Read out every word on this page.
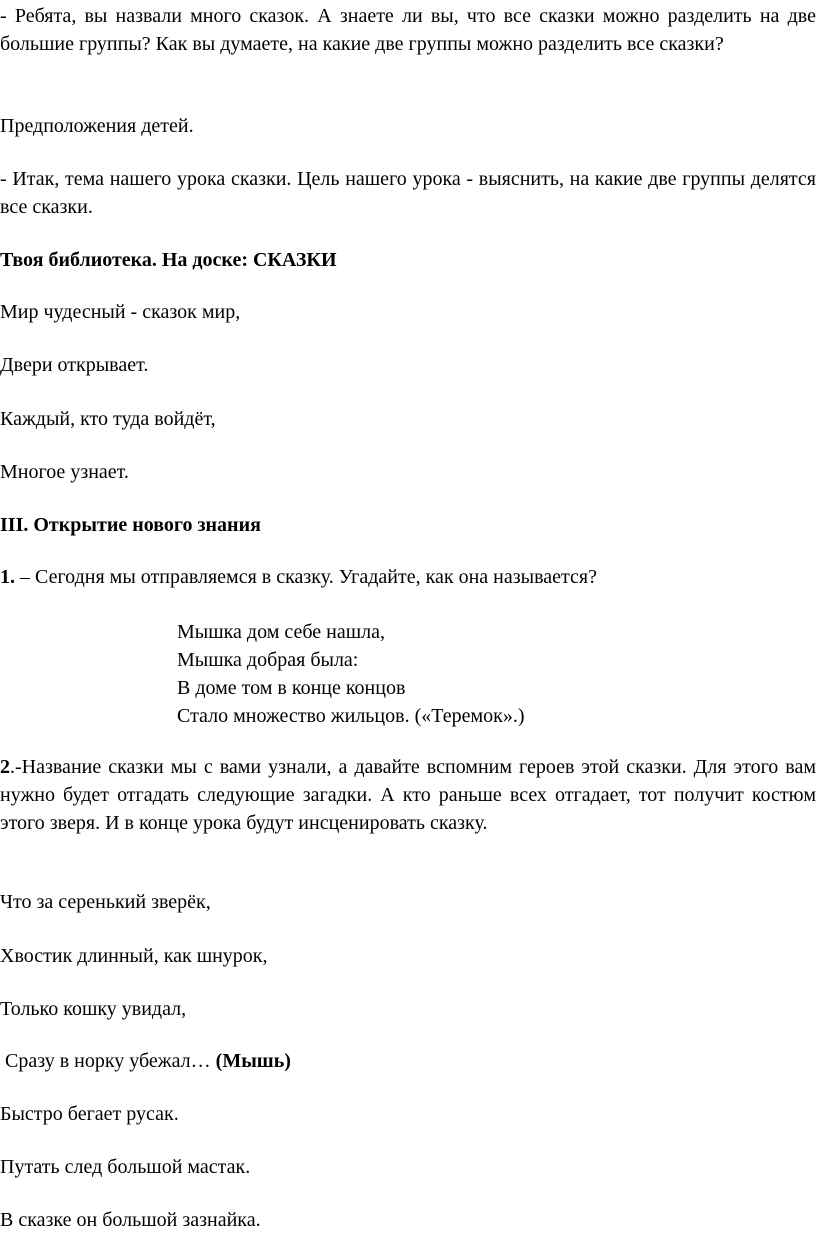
- Ребята, вы назвали много сказок. А знаете ли вы, что все сказки можно разделить на две большие группы? Как вы думаете, на какие две группы можно разделить все сказки?

Предположения детей.

- Итак, тема нашего урока сказки. Цель нашего урока - выяснить, на какие две группы делятся все сказки.

Твоя библиотека. На доске: СКАЗКИ

Мир чудесный - сказок мир,

Двери открывает.

Каждый, кто туда войдёт,

Многое узнает.

III. Открытие нового знания

1. – Сегодня мы отправляемся в сказку. Угадайте, как она называется?

Мышка дом себе нашла,
Мышка добрая была:
В доме том в конце концов
Стало множество жильцов. («Теремок».)

2.-Название сказки мы с вами узнали, а давайте вспомним героев этой сказки. Для этого вам нужно будет отгадать следующие загадки. А кто раньше всех отгадает, тот получит костюм этого зверя. И в конце урока будут инсценировать сказку.

Что за серенький зверёк,

Хвостик длинный, как шнурок,

Только кошку увидал,

Сразу в норку убежал… (Мышь)

Быстро бегает русак.

Путать след большой мастак.

В сказке он большой зазнайка.
